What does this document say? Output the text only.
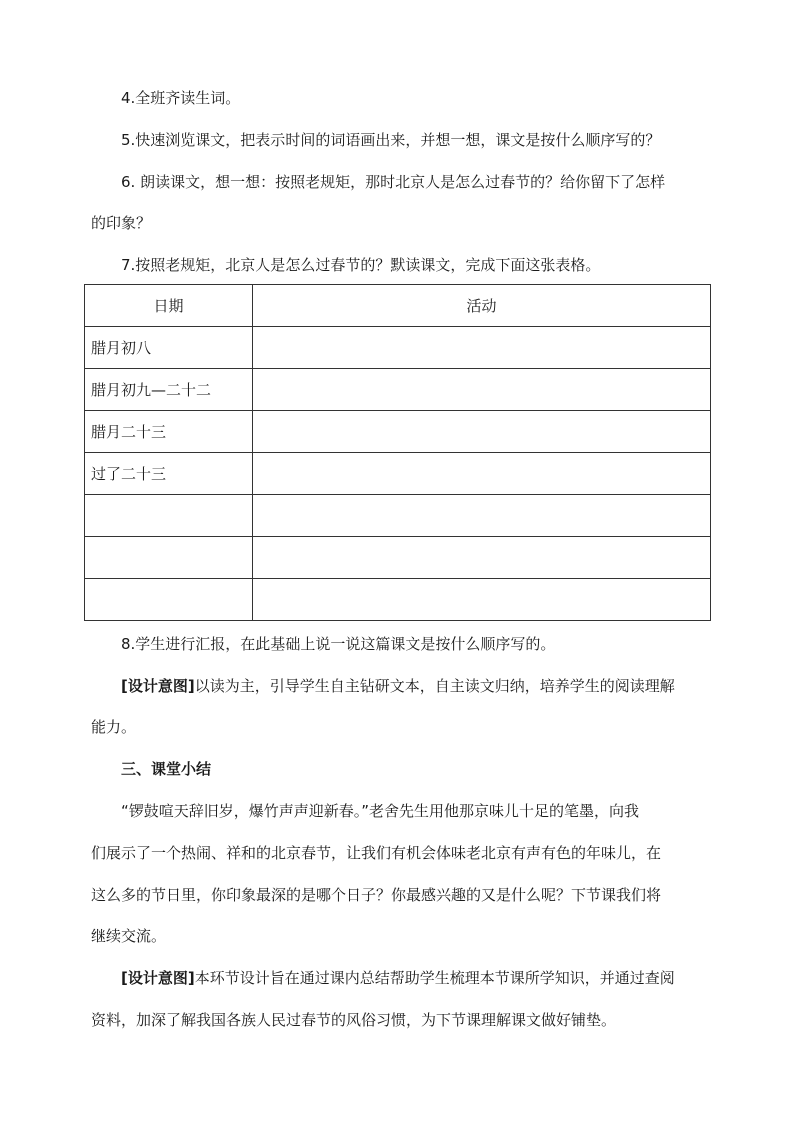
4.全班齐读生词。
5.快速浏览课文，把表示时间的词语画出来，并想一想，课文是按什么顺序写的？
6. 朗读课文，想一想：按照老规矩，那时北京人是怎么过春节的？给你留下了怎样
的印象？
7.按照老规矩，北京人是怎么过春节的？默读课文，完成下面这张表格。
日期	活动
腊月初八	
腊月初九—二十二	
腊月二十三	
过了二十三	

8.学生进行汇报，在此基础上说一说这篇课文是按什么顺序写的。
[设计意图]以读为主，引导学生自主钻研文本，自主读文归纳，培养学生的阅读理解
能力。
三、课堂小结
“锣鼓喧天辞旧岁，爆竹声声迎新春。”老舍先生用他那京味儿十足的笔墨，向我
们展示了一个热闹、祥和的北京春节，让我们有机会体味老北京有声有色的年味儿，在
这么多的节日里，你印象最深的是哪个日子？你最感兴趣的又是什么呢？下节课我们将
继续交流。
[设计意图]本环节设计旨在通过课内总结帮助学生梳理本节课所学知识，并通过查阅
资料，加深了解我国各族人民过春节的风俗习惯，为下节课理解课文做好铺垫。
